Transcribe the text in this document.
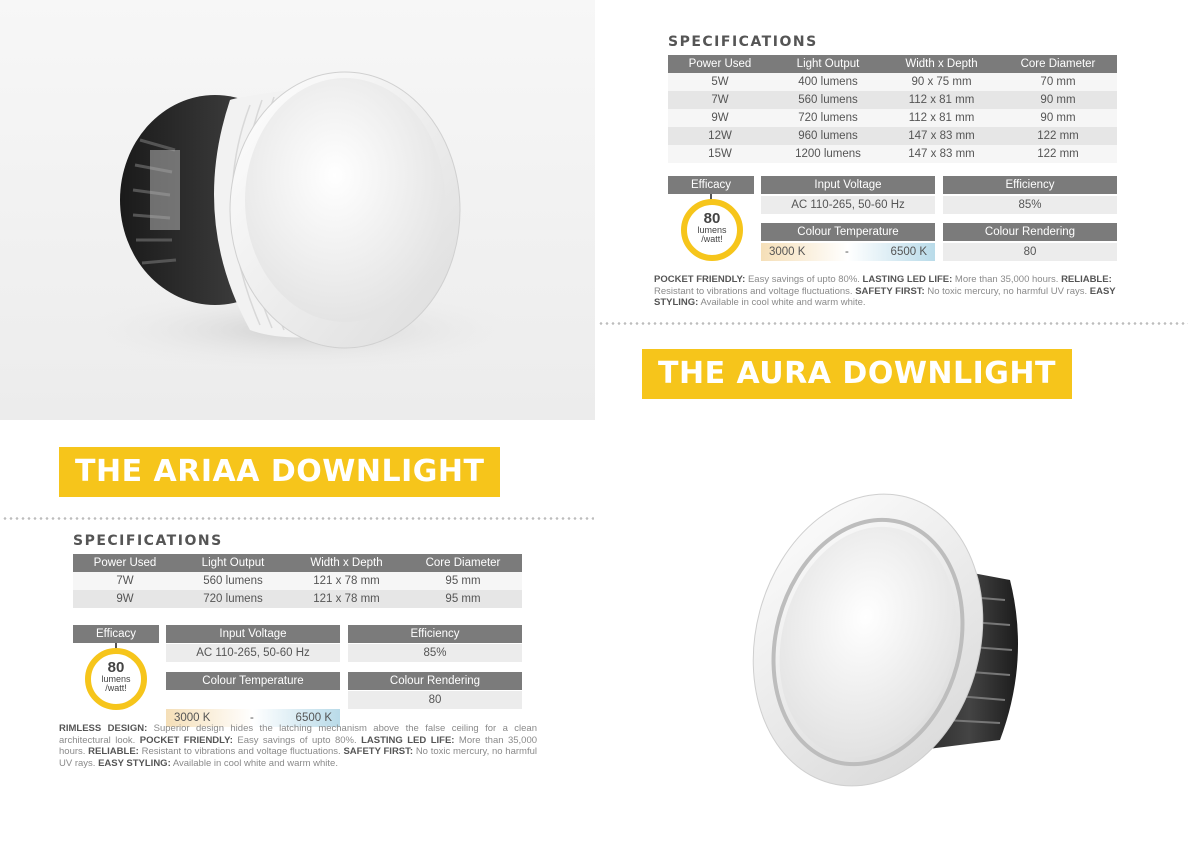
SPECIFICATIONS
Power Used	Light Output	Width x Depth	Core Diameter
5W	400 lumens	90 x 75 mm	70 mm
7W	560 lumens	112 x 81 mm	90 mm
9W	720 lumens	112 x 81 mm	90 mm
12W	960 lumens	147 x 83 mm	122 mm
15W	1200 lumens	147 x 83 mm	122 mm
Efficacy
80
lumens
/watt!
Input Voltage
AC 110-265, 50-60 Hz
Efficiency
85%
Colour Temperature
3000 K	-	6500 K
Colour Rendering
80
POCKET FRIENDLY: Easy savings of upto 80%. LASTING LED LIFE: More than 35,000 hours. RELIABLE: Resistant to vibrations and voltage fluctuations. SAFETY FIRST: No toxic mercury, no harmful UV rays. EASY STYLING: Available in cool white and warm white.
THE AURA DOWNLIGHT
THE ARIAA DOWNLIGHT
SPECIFICATIONS
Power Used	Light Output	Width x Depth	Core Diameter
7W	560 lumens	121 x 78 mm	95 mm
9W	720 lumens	121 x 78 mm	95 mm
Efficacy
80
lumens
/watt!
Input Voltage
AC 110-265, 50-60 Hz
Efficiency
85%
Colour Temperature
3000 K	-	6500 K
Colour Rendering
80
RIMLESS DESIGN: Superior design hides the latching mechanism above the false ceiling for a clean architectural look. POCKET FRIENDLY: Easy savings of upto 80%. LASTING LED LIFE: More than 35,000 hours. RELIABLE: Resistant to vibrations and voltage fluctuations. SAFETY FIRST: No toxic mercury, no harmful UV rays. EASY STYLING: Available in cool white and warm white.
